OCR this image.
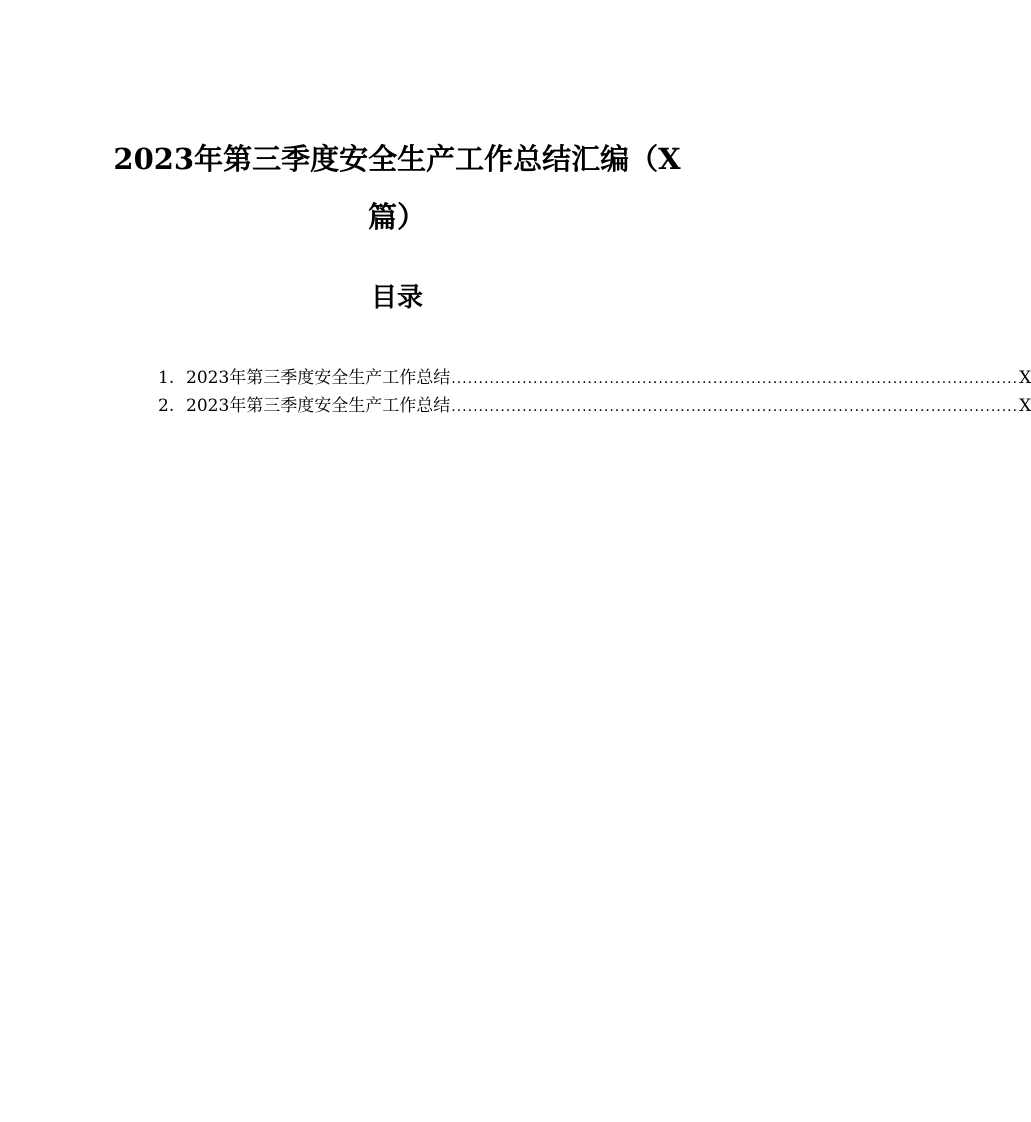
2023年第三季度安全生产工作总结汇编（X篇）
目录
1. 2023年第三季度安全生产工作总结 ........................................................................................................ X
2. 2023年第三季度安全生产工作总结 ........................................................................................................ X
